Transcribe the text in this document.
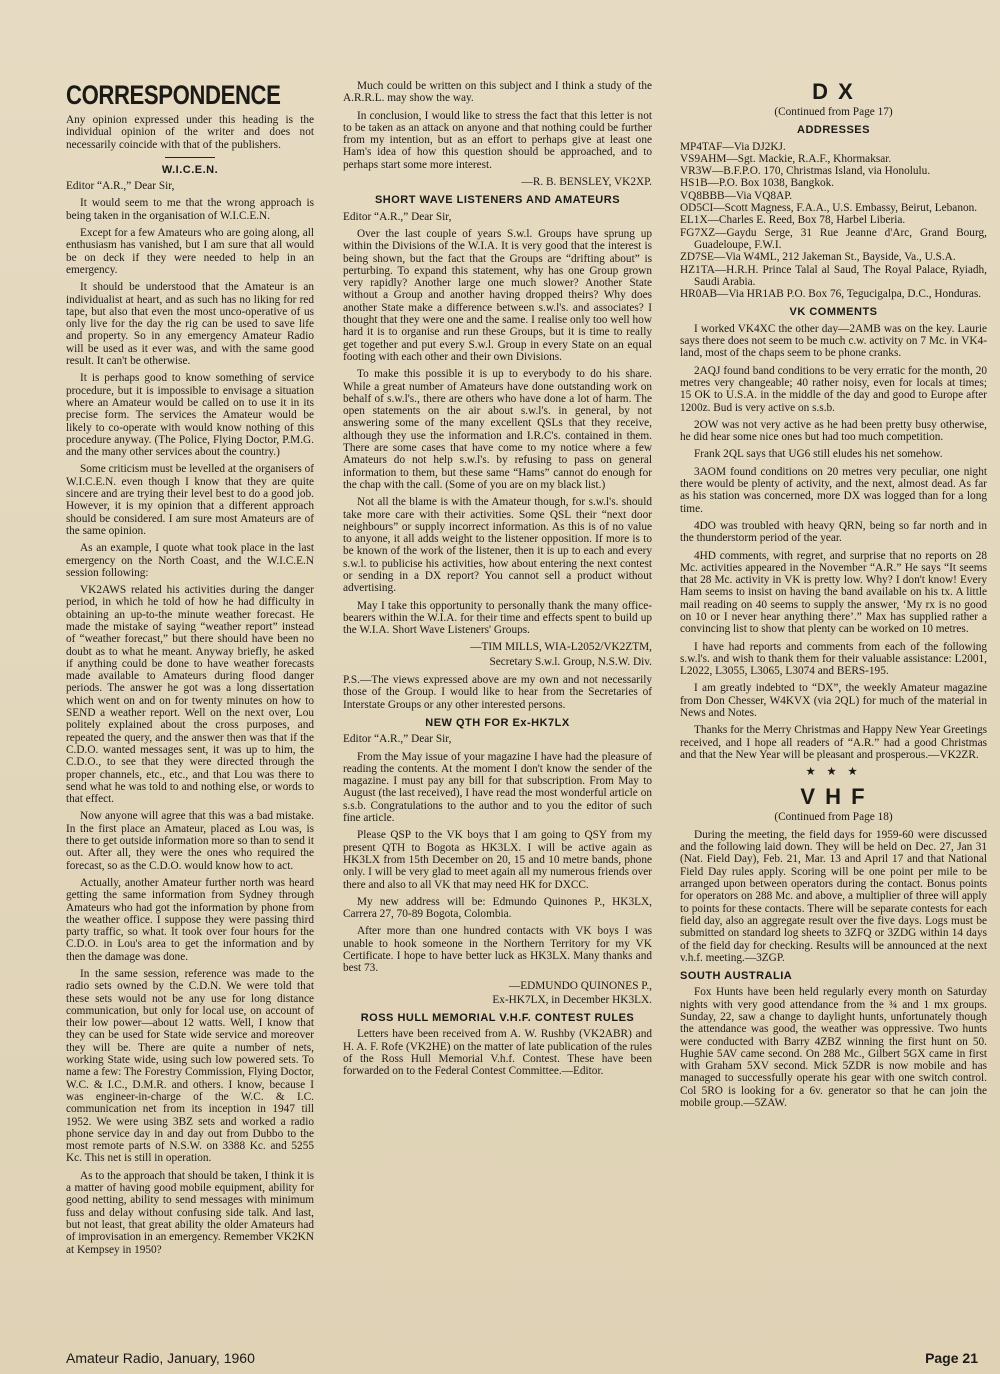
CORRESPONDENCE

Any opinion expressed under this heading is the individual opinion of the writer and does not necessarily coincide with that of the publishers.

W.I.C.E.N.

Editor “A.R.,” Dear Sir,

It would seem to me that the wrong approach is being taken in the organisation of W.I.C.E.N.

Except for a few Amateurs who are going along, all enthusiasm has vanished, but I am sure that all would be on deck if they were needed to help in an emergency.

It should be understood that the Amateur is an individualist at heart, and as such has no liking for red tape, but also that even the most unco-operative of us only live for the day the rig can be used to save life and property. So in any emergency Amateur Radio will be used as it ever was, and with the same good result. It can't be otherwise.

It is perhaps good to know something of service procedure, but it is impossible to envisage a situation where an Amateur would be called on to use it in its precise form. The services the Amateur would be likely to co-operate with would know nothing of this procedure anyway. (The Police, Flying Doctor, P.M.G. and the many other services about the country.)

Some criticism must be levelled at the organisers of W.I.C.E.N. even though I know that they are quite sincere and are trying their level best to do a good job. However, it is my opinion that a different approach should be considered. I am sure most Amateurs are of the same opinion.

As an example, I quote what took place in the last emergency on the North Coast, and the W.I.C.E.N session following:

VK2AWS related his activities during the danger period, in which he told of how he had difficulty in obtaining an up-to-the minute weather forecast. He made the mistake of saying “weather report” instead of “weather forecast,” but there should have been no doubt as to what he meant. Anyway briefly, he asked if anything could be done to have weather forecasts made available to Amateurs during flood danger periods. The answer he got was a long dissertation which went on and on for twenty minutes on how to SEND a weather report. Well on the next over, Lou politely explained about the cross purposes, and repeated the query, and the answer then was that if the C.D.O. wanted messages sent, it was up to him, the C.D.O., to see that they were directed through the proper channels, etc., etc., and that Lou was there to send what he was told to and nothing else, or words to that effect.

Now anyone will agree that this was a bad mistake. In the first place an Amateur, placed as Lou was, is there to get outside information more so than to send it out. After all, they were the ones who required the forecast, so as the C.D.O. would know how to act.

Actually, another Amateur further north was heard getting the same information from Sydney through Amateurs who had got the information by phone from the weather office. I suppose they were passing third party traffic, so what. It took over four hours for the C.D.O. in Lou's area to get the information and by then the damage was done.

In the same session, reference was made to the radio sets owned by the C.D.N. We were told that these sets would not be any use for long distance communication, but only for local use, on account of their low power—about 12 watts. Well, I know that they can be used for State wide service and moreover they will be. There are quite a number of nets, working State wide, using such low powered sets. To name a few: The Forestry Commission, Flying Doctor, W.C. & I.C., D.M.R. and others. I know, because I was engineer-in-charge of the W.C. & I.C. communication net from its inception in 1947 till 1952. We were using 3BZ sets and worked a radio phone service day in and day out from Dubbo to the most remote parts of N.S.W. on 3388 Kc. and 5255 Kc. This net is still in operation.

As to the approach that should be taken, I think it is a matter of having good mobile equipment, ability for good netting, ability to send messages with minimum fuss and delay without confusing side talk. And last, but not least, that great ability the older Amateurs had of improvisation in an emergency. Remember VK2KN at Kempsey in 1950?

Much could be written on this subject and I think a study of the A.R.R.L. may show the way.

In conclusion, I would like to stress the fact that this letter is not to be taken as an attack on anyone and that nothing could be further from my intention, but as an effort to perhaps give at least one Ham's idea of how this question should be approached, and to perhaps start some more interest.

—R. B. BENSLEY, VK2XP.

SHORT WAVE LISTENERS AND AMATEURS

Editor “A.R.,” Dear Sir,

Over the last couple of years S.w.l. Groups have sprung up within the Divisions of the W.I.A. It is very good that the interest is being shown, but the fact that the Groups are “drifting about” is perturbing. To expand this statement, why has one Group grown very rapidly? Another large one much slower? Another State without a Group and another having dropped theirs? Why does another State make a difference between s.w.l's. and associates? I thought that they were one and the same. I realise only too well how hard it is to organise and run these Groups, but it is time to really get together and put every S.w.l. Group in every State on an equal footing with each other and their own Divisions.

To make this possible it is up to everybody to do his share. While a great number of Amateurs have done outstanding work on behalf of s.w.l's., there are others who have done a lot of harm. The open statements on the air about s.w.l's. in general, by not answering some of the many excellent QSLs that they receive, although they use the information and I.R.C's. contained in them. There are some cases that have come to my notice where a few Amateurs do not help s.w.l's. by refusing to pass on general information to them, but these same “Hams” cannot do enough for the chap with the call. (Some of you are on my black list.)

Not all the blame is with the Amateur though, for s.w.l's. should take more care with their activities. Some QSL their “next door neighbours” or supply incorrect information. As this is of no value to anyone, it all adds weight to the listener opposition. If more is to be known of the work of the listener, then it is up to each and every s.w.l. to publicise his activities, how about entering the next contest or sending in a DX report? You cannot sell a product without advertising.

May I take this opportunity to personally thank the many office-bearers within the W.I.A. for their time and effects spent to build up the W.I.A. Short Wave Listeners' Groups.

—TIM MILLS, WIA-L2052/VK2ZTM,

Secretary S.w.l. Group, N.S.W. Div.

P.S.—The views expressed above are my own and not necessarily those of the Group. I would like to hear from the Secretaries of Interstate Groups or any other interested persons.

NEW QTH FOR Ex-HK7LX

Editor “A.R.,” Dear Sir,

From the May issue of your magazine I have had the pleasure of reading the contents. At the moment I don't know the sender of the magazine. I must pay any bill for that subscription. From May to August (the last received), I have read the most wonderful article on s.s.b. Congratulations to the author and to you the editor of such fine article.

Please QSP to the VK boys that I am going to QSY from my present QTH to Bogota as HK3LX. I will be active again as HK3LX from 15th December on 20, 15 and 10 metre bands, phone only. I will be very glad to meet again all my numerous friends over there and also to all VK that may need HK for DXCC.

My new address will be: Edmundo Quinones P., HK3LX, Carrera 27, 70-89 Bogota, Colombia.

After more than one hundred contacts with VK boys I was unable to hook someone in the Northern Territory for my VK Certificate. I hope to have better luck as HK3LX. Many thanks and best 73.

—EDMUNDO QUINONES P.,

Ex-HK7LX, in December HK3LX.

ROSS HULL MEMORIAL V.H.F. CONTEST RULES

Letters have been received from A. W. Rushby (VK2ABR) and H. A. F. Rofe (VK2HE) on the matter of late publication of the rules of the Ross Hull Memorial V.h.f. Contest. These have been forwarded on to the Federal Contest Committee.—Editor.

D X

(Continued from Page 17)

ADDRESSES

MP4TAF—Via DJ2KJ.

VS9AHM—Sgt. Mackie, R.A.F., Khormaksar.

VR3W—B.F.P.O. 170, Christmas Island, via Honolulu.

HS1B—P.O. Box 1038, Bangkok.

VQ8BBB—Via VQ8AP.

OD5CI—Scott Magness, F.A.A., U.S. Embassy, Beirut, Lebanon.

EL1X—Charles E. Reed, Box 78, Harbel Liberia.

FG7XZ—Gaydu Serge, 31 Rue Jeanne d'Arc, Grand Bourg, Guadeloupe, F.W.I.

ZD7SE—Via W4ML, 212 Jakeman St., Bayside, Va., U.S.A.

HZ1TA—H.R.H. Prince Talal al Saud, The Royal Palace, Ryiadh, Saudi Arabia.

HR0AB—Via HR1AB P.O. Box 76, Tegucigalpa, D.C., Honduras.

VK COMMENTS

I worked VK4XC the other day—2AMB was on the key. Laurie says there does not seem to be much c.w. activity on 7 Mc. in VK4-land, most of the chaps seem to be phone cranks.

2AQJ found band conditions to be very erratic for the month, 20 metres very changeable; 40 rather noisy, even for locals at times; 15 OK to U.S.A. in the middle of the day and good to Europe after 1200z. Bud is very active on s.s.b.

2OW was not very active as he had been pretty busy otherwise, he did hear some nice ones but had too much competition.

Frank 2QL says that UG6 still eludes his net somehow.

3AOM found conditions on 20 metres very peculiar, one night there would be plenty of activity, and the next, almost dead. As far as his station was concerned, more DX was logged than for a long time.

4DO was troubled with heavy QRN, being so far north and in the thunderstorm period of the year.

4HD comments, with regret, and surprise that no reports on 28 Mc. activities appeared in the November “A.R.” He says “It seems that 28 Mc. activity in VK is pretty low. Why? I don't know! Every Ham seems to insist on having the band available on his tx. A little mail reading on 40 seems to supply the answer, ‘My rx is no good on 10 or I never hear anything there’.” Max has supplied rather a convincing list to show that plenty can be worked on 10 metres.

I have had reports and comments from each of the following s.w.l's. and wish to thank them for their valuable assistance: L2001, L2022, L3055, L3065, L3074 and BERS-195.

I am greatly indebted to “DX”, the weekly Amateur magazine from Don Chesser, W4KVX (via 2QL) for much of the material in News and Notes.

Thanks for the Merry Christmas and Happy New Year Greetings received, and I hope all readers of “A.R.” had a good Christmas and that the New Year will be pleasant and prosperous.—VK2ZR.

★ ★ ★

V H F

(Continued from Page 18)

During the meeting, the field days for 1959-60 were discussed and the following laid down. They will be held on Dec. 27, Jan 31 (Nat. Field Day), Feb. 21, Mar. 13 and April 17 and that National Field Day rules apply. Scoring will be one point per mile to be arranged upon between operators during the contact. Bonus points for operators on 288 Mc. and above, a multiplier of three will apply to points for these contacts. There will be separate contests for each field day, also an aggregate result over the five days. Logs must be submitted on standard log sheets to 3ZFQ or 3ZDG within 14 days of the field day for checking. Results will be announced at the next v.h.f. meeting.—3ZGP.

SOUTH AUSTRALIA

Fox Hunts have been held regularly every month on Saturday nights with very good attendance from the ¾ and 1 mx groups. Sunday, 22, saw a change to daylight hunts, unfortunately though the attendance was good, the weather was oppressive. Two hunts were conducted with Barry 4ZBZ winning the first hunt on 50. Hughie 5AV came second. On 288 Mc., Gilbert 5GX came in first with Graham 5XV second. Mick 5ZDR is now mobile and has managed to successfully operate his gear with one switch control. Col 5RO is looking for a 6v. generator so that he can join the mobile group.—5ZAW.

Amateur Radio, January, 1960	Page 21
